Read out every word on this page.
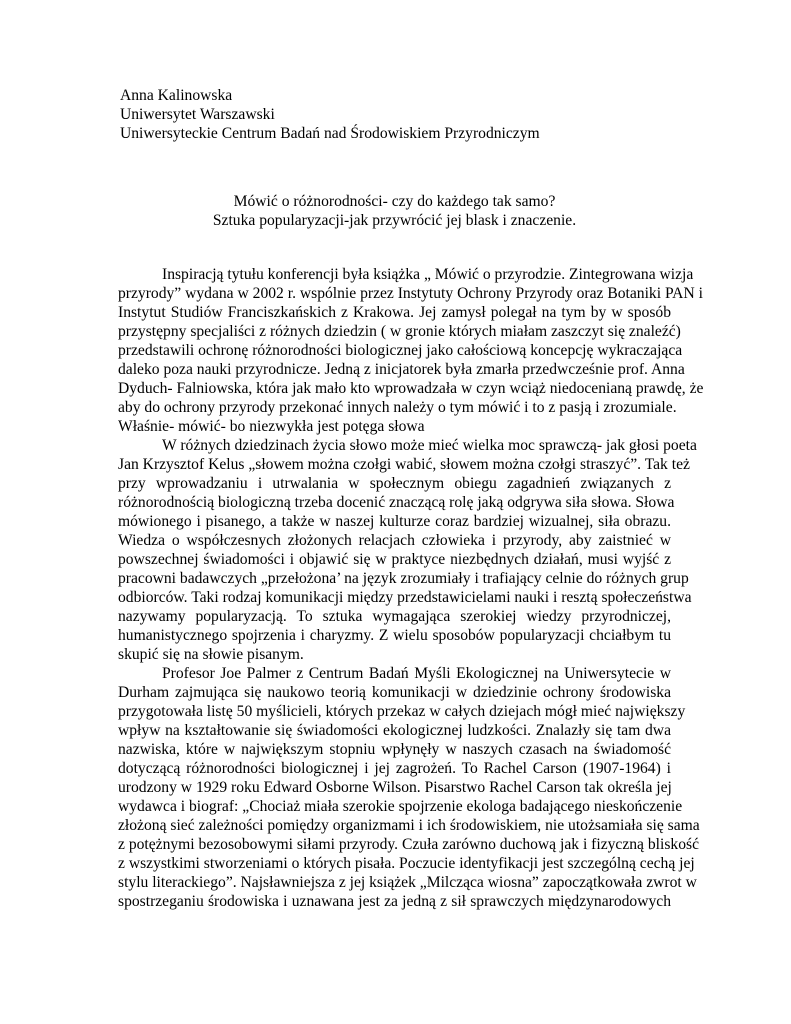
Anna Kalinowska
Uniwersytet Warszawski
Uniwersyteckie Centrum Badań nad Środowiskiem Przyrodniczym
Mówić o różnorodności- czy do każdego tak samo?
Sztuka popularyzacji-jak przywrócić jej blask i znaczenie.
Inspiracją tytułu konferencji była książka „ Mówić o przyrodzie. Zintegrowana wizja
przyrody” wydana w 2002 r. wspólnie przez Instytuty Ochrony Przyrody oraz Botaniki PAN i
Instytut Studiów Franciszkańskich z Krakowa. Jej zamysł polegał na tym by w sposób
przystępny specjaliści z różnych dziedzin ( w gronie których miałam zaszczyt się znaleźć)
przedstawili ochronę różnorodności biologicznej jako całościową koncepcję wykraczająca
daleko poza nauki przyrodnicze. Jedną z inicjatorek była zmarła przedwcześnie prof. Anna
Dyduch- Falniowska, która jak mało kto wprowadzała w czyn wciąż niedocenianą prawdę, że
aby do ochrony przyrody przekonać innych należy o tym mówić i to z pasją i zrozumiale.
Właśnie- mówić- bo niezwykła jest potęga słowa
W różnych dziedzinach życia słowo może mieć wielka moc sprawczą- jak głosi poeta
Jan Krzysztof Kelus „słowem można czołgi wabić, słowem można czołgi straszyć”. Tak też
przy wprowadzaniu i utrwalania w społecznym obiegu zagadnień związanych z
różnorodnością biologiczną trzeba docenić znaczącą rolę jaką odgrywa siła słowa. Słowa
mówionego i pisanego, a także w naszej kulturze coraz bardziej wizualnej, siła obrazu.
Wiedza o współczesnych złożonych relacjach człowieka i przyrody, aby zaistnieć w
powszechnej świadomości i objawić się w praktyce niezbędnych działań, musi wyjść z
pracowni badawczych „przełożona’ na język zrozumiały i trafiający celnie do różnych grup
odbiorców. Taki rodzaj komunikacji między przedstawicielami nauki i resztą społeczeństwa
nazywamy popularyzacją. To sztuka wymagająca szerokiej wiedzy przyrodniczej,
humanistycznego spojrzenia i charyzmy. Z wielu sposobów popularyzacji chciałbym tu
skupić się na słowie pisanym.
Profesor Joe Palmer z Centrum Badań Myśli Ekologicznej na Uniwersytecie w
Durham zajmująca się naukowo teorią komunikacji w dziedzinie ochrony środowiska
przygotowała listę 50 myślicieli, których przekaz w całych dziejach mógł mieć największy
wpływ na kształtowanie się świadomości ekologicznej ludzkości. Znalazły się tam dwa
nazwiska, które w największym stopniu wpłynęły w naszych czasach na świadomość
dotyczącą różnorodności biologicznej i jej zagrożeń. To Rachel Carson (1907-1964) i
urodzony w 1929 roku Edward Osborne Wilson. Pisarstwo Rachel Carson tak określa jej
wydawca i biograf: „Chociaż miała szerokie spojrzenie ekologa badającego nieskończenie
złożoną sieć zależności pomiędzy organizmami i ich środowiskiem, nie utożsamiała się sama
z potężnymi bezosobowymi siłami przyrody. Czuła zarówno duchową jak i fizyczną bliskość
z wszystkimi stworzeniami o których pisała. Poczucie identyfikacji jest szczególną cechą jej
stylu literackiego”. Najsławniejsza z jej książek „Milcząca wiosna” zapoczątkowała zwrot w
spostrzeganiu środowiska i uznawana jest za jedną z sił sprawczych międzynarodowych
